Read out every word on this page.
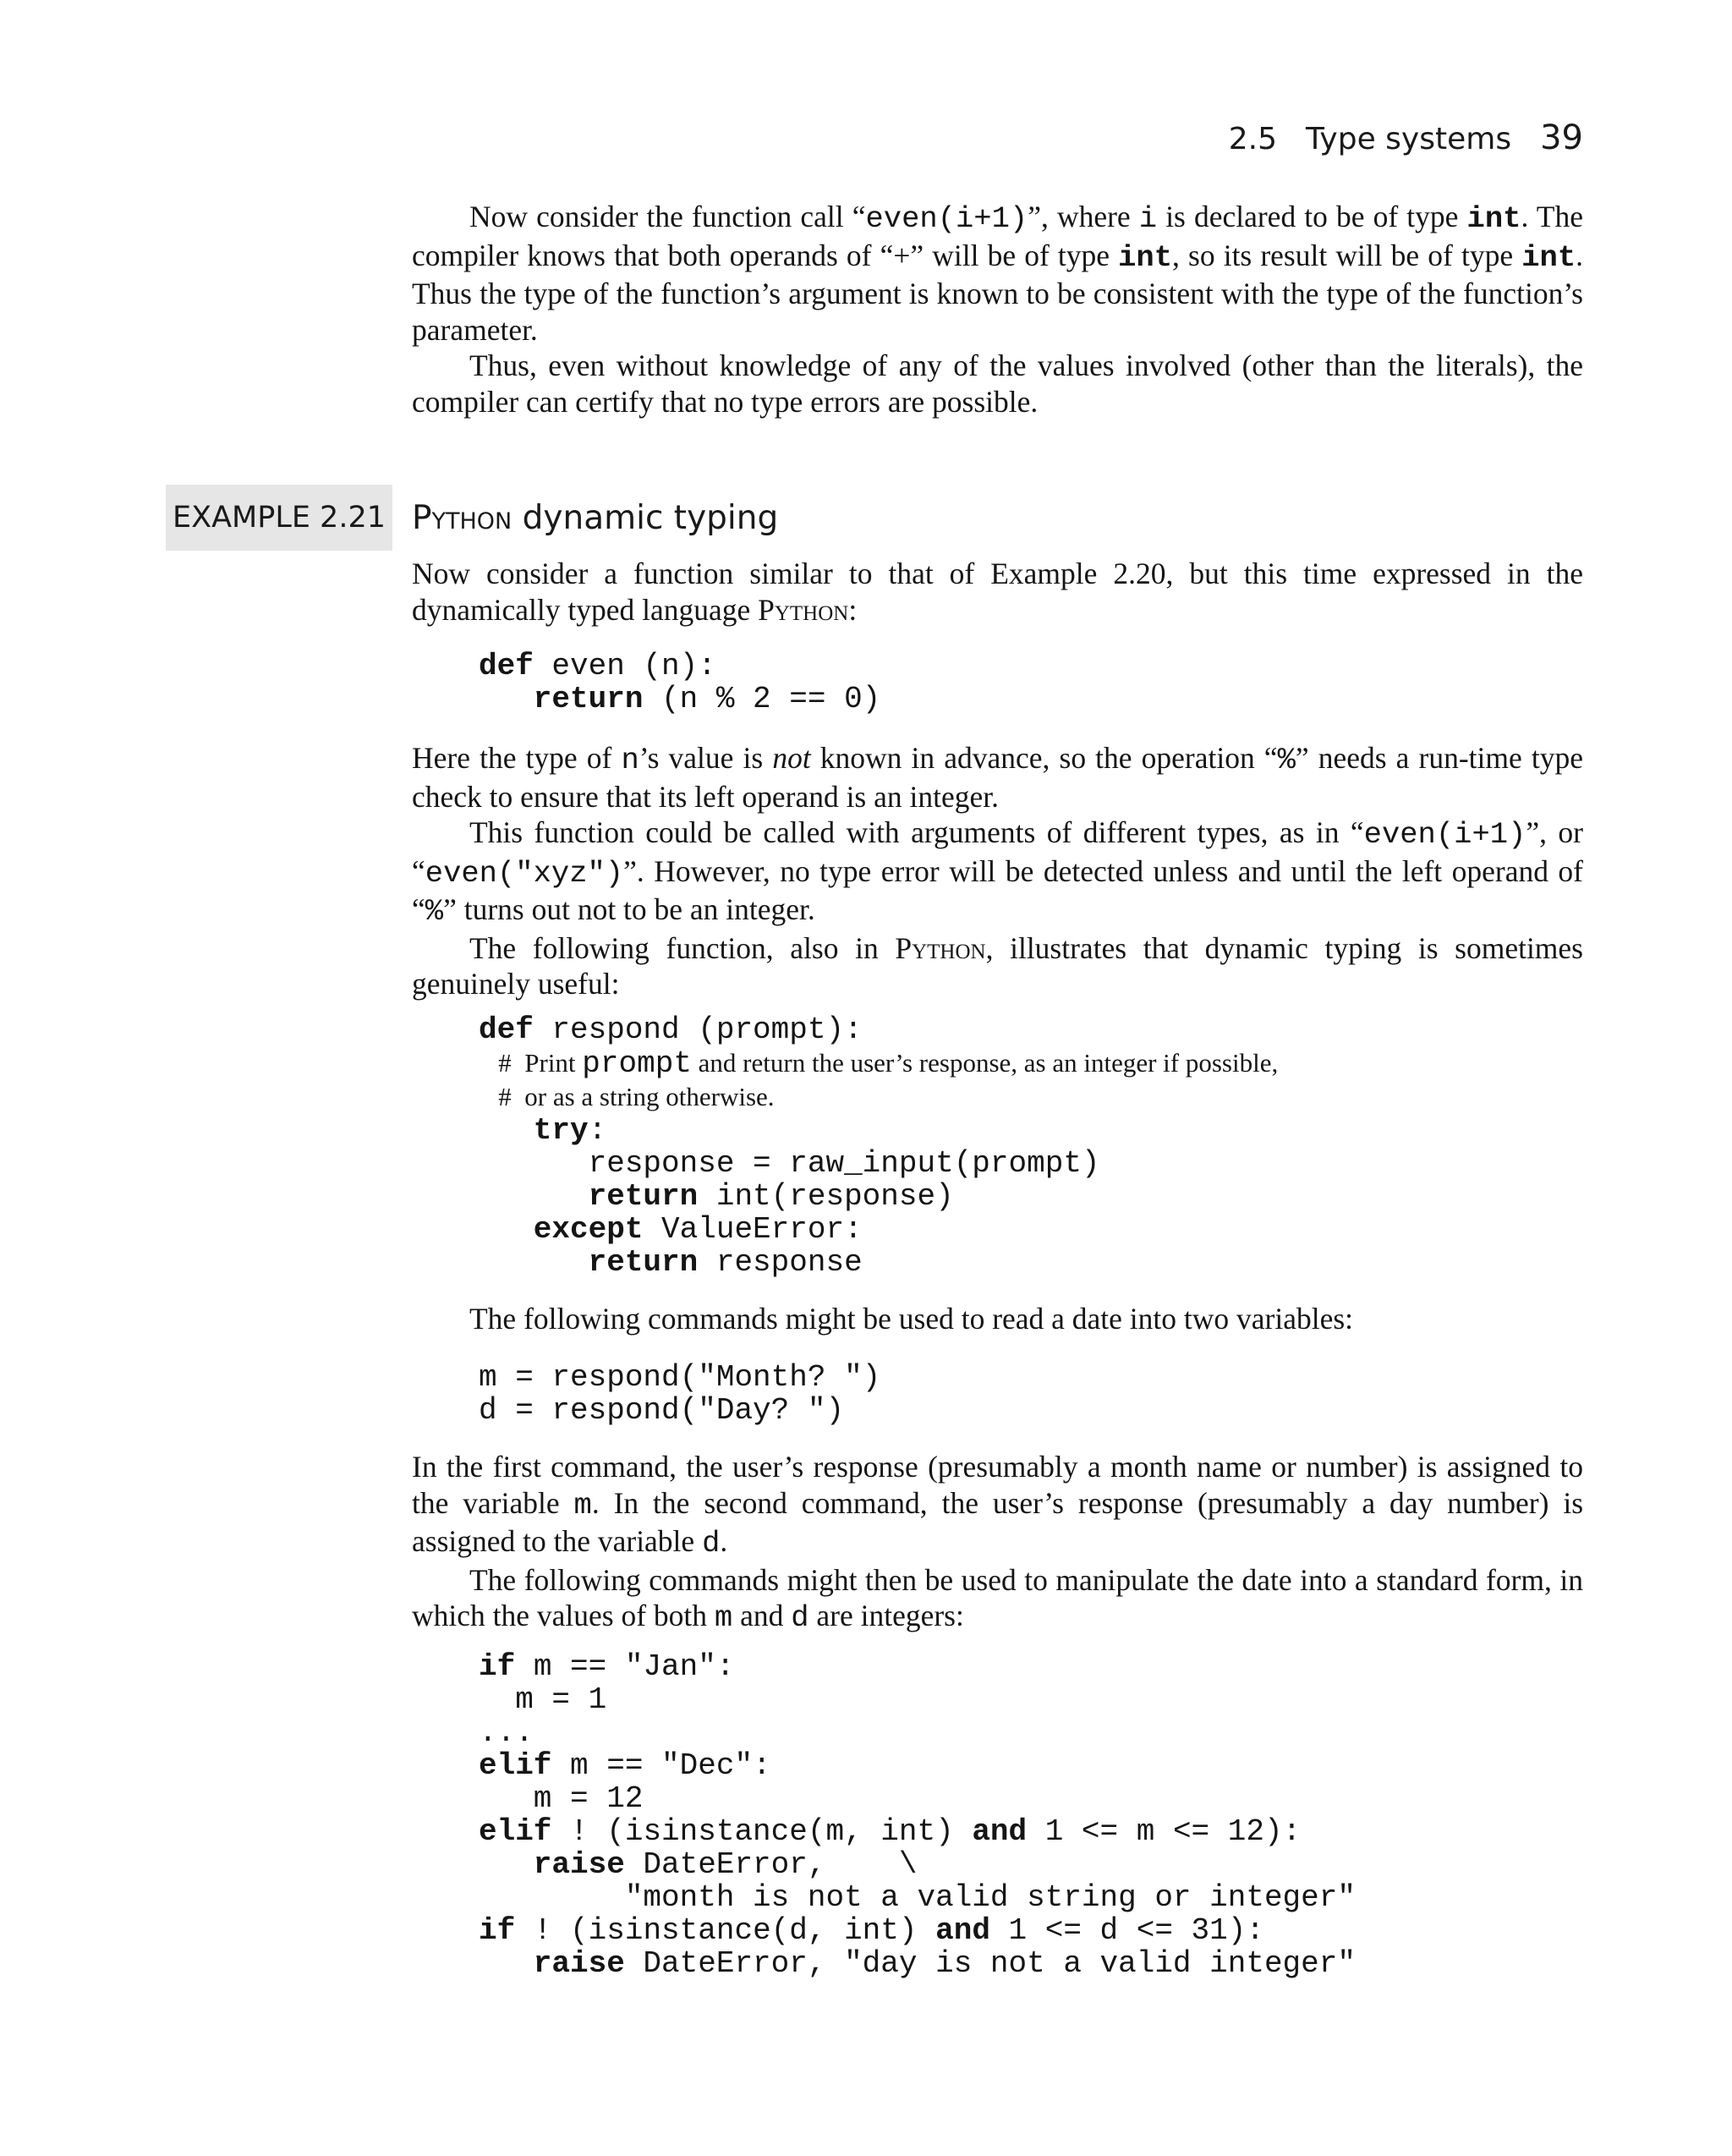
2.5 Type systems 39

Now consider the function call “even(i+1)”, where i is declared to be of type int. The compiler knows that both operands of “+” will be of type int, so its result will be of type int. Thus the type of the function’s argument is known to be consistent with the type of the function’s parameter.

Thus, even without knowledge of any of the values involved (other than the literals), the compiler can certify that no type errors are possible.

EXAMPLE 2.21 Python dynamic typing

Now consider a function similar to that of Example 2.20, but this time expressed in the dynamically typed language Python:

def even (n):
return (n % 2 == 0)

Here the type of n’s value is not known in advance, so the operation “%” needs a run-time type check to ensure that its left operand is an integer.

This function could be called with arguments of different types, as in “even(i+1)”, or “even("xyz")”. However, no type error will be detected unless and until the left operand of “%” turns out not to be an integer.

The following function, also in Python, illustrates that dynamic typing is sometimes genuinely useful:

def respond (prompt):
#  Print prompt and return the user’s response, as an integer if possible,
#  or as a string otherwise.
try:
response = raw_input(prompt)
return int(response)
except ValueError:
return response

The following commands might be used to read a date into two variables:

m = respond("Month? ")
d = respond("Day? ")

In the first command, the user’s response (presumably a month name or number) is assigned to the variable m. In the second command, the user’s response (presumably a day number) is assigned to the variable d.

The following commands might then be used to manipulate the date into a standard form, in which the values of both m and d are integers:

if m == "Jan":
m = 1
...
elif m == "Dec":
m = 12
elif ! (isinstance(m, int) and 1 <= m <= 12):
raise DateError,    \
"month is not a valid string or integer"
if ! (isinstance(d, int) and 1 <= d <= 31):
raise DateError, "day is not a valid integer"
